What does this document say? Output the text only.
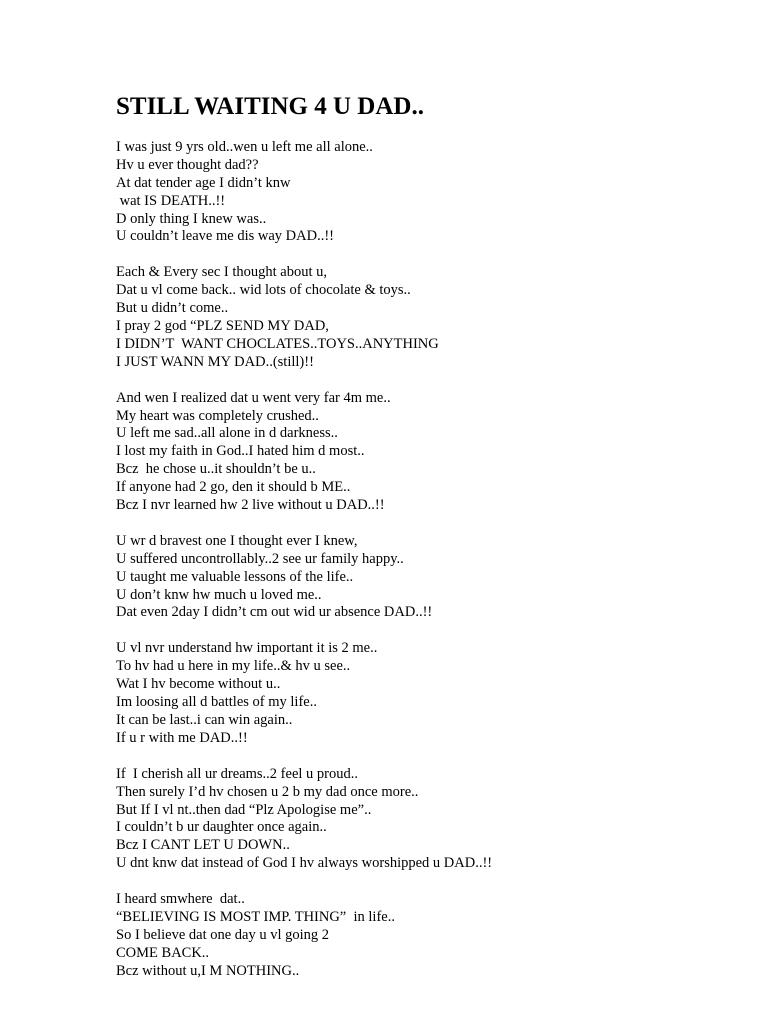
STILL WAITING 4 U DAD..
I was just 9 yrs old..wen u left me all alone..
Hv u ever thought dad??
At dat tender age I didn’t knw
wat IS DEATH..!!
D only thing I knew was..
U couldn’t leave me dis way DAD..!!
Each & Every sec I thought about u,
Dat u vl come back.. wid lots of chocolate & toys..
But u didn’t come..
I pray 2 god “PLZ SEND MY DAD,
I DIDN’T  WANT CHOCLATES..TOYS..ANYTHING
I JUST WANN MY DAD..(still)!!
And wen I realized dat u went very far 4m me..
My heart was completely crushed..
U left me sad..all alone in d darkness..
I lost my faith in God..I hated him d most..
Bcz  he chose u..it shouldn’t be u..
If anyone had 2 go, den it should b ME..
Bcz I nvr learned hw 2 live without u DAD..!!
U wr d bravest one I thought ever I knew,
U suffered uncontrollably..2 see ur family happy..
U taught me valuable lessons of the life..
U don’t knw hw much u loved me..
Dat even 2day I didn’t cm out wid ur absence DAD..!!
U vl nvr understand hw important it is 2 me..
To hv had u here in my life..& hv u see..
Wat I hv become without u..
Im loosing all d battles of my life..
It can be last..i can win again..
If u r with me DAD..!!
If  I cherish all ur dreams..2 feel u proud..
Then surely I’d hv chosen u 2 b my dad once more..
But If I vl nt..then dad “Plz Apologise me”..
I couldn’t b ur daughter once again..
Bcz I CANT LET U DOWN..
U dnt knw dat instead of God I hv always worshipped u DAD..!!
I heard smwhere  dat..
“BELIEVING IS MOST IMP. THING”  in life..
So I believe dat one day u vl going 2
COME BACK..
Bcz without u,I M NOTHING..
